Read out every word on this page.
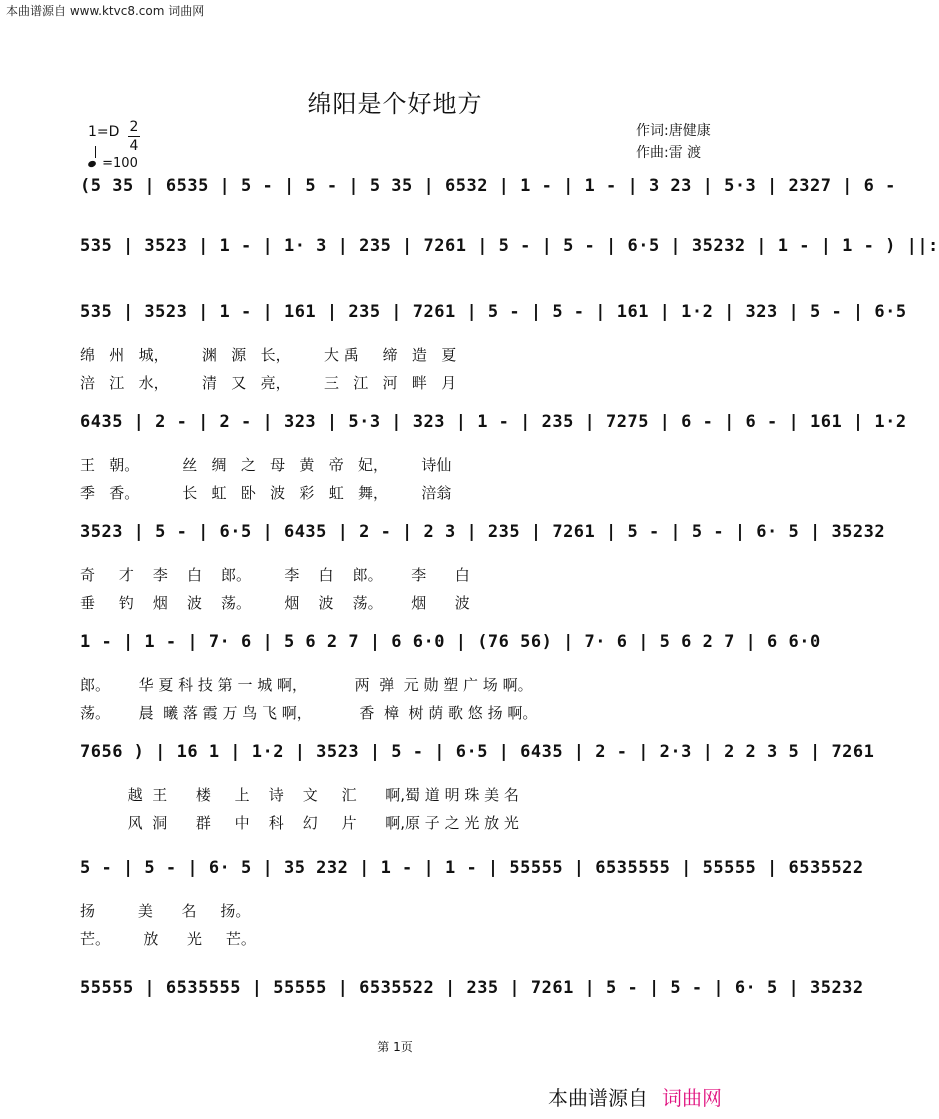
本曲谱源自 www.ktvc8.com 词曲网
绵阳是个好地方
作词:唐健康
作曲:雷 渡
1=D 2
4
=100
(5 35 | 6535 | 5 - | 5 - | 5 35 | 6532 | 1 - | 1 - | 3 23 | 5·3 | 2327 | 6 -
535 | 3523 | 1 - | 1· 3 | 235 | 7261 | 5 - | 5 - | 6·5 | 35232 | 1 - | 1 - ) ||:
535 | 3523 | 1 - | 161 | 235 | 7261 | 5 - | 5 - | 161 | 1·2 | 323 | 5 - | 6·5
绵   州   城，       渊   源   长，       大 禹     缔   造   夏
涪   江   水，       清   又   亮，       三   江   河   畔   月
6435 | 2 - | 2 - | 323 | 5·3 | 323 | 1 - | 235 | 7275 | 6 - | 6 - | 161 | 1·2
王   朝。         丝   绸   之   母   黄   帝   妃，       诗仙
季   香。         长   虹   卧   波   彩   虹   舞，       涪翁
3523 | 5 - | 6·5 | 6435 | 2 - | 2 3 | 235 | 7261 | 5 - | 5 - | 6· 5 | 35232
奇     才    李    白    郎。       李    白    郎。      李      白
垂     钓    烟    波    荡。       烟    波    荡。      烟      波
1 - | 1 - | 7· 6 | 5 6 2 7 | 6 6·0 | (76 56) | 7· 6 | 5 6 2 7 | 6 6·0
郎。      华 夏 科 技 第 一 城 啊，          两  弹  元 勋 塑 广 场 啊。
荡。      晨  曦 落 霞 万 鸟 飞 啊，          香  樟  树 荫 歌 悠 扬 啊。
7656 ) | 16 1 | 1·2 | 3523 | 5 - | 6·5 | 6435 | 2 - | 2·3 | 2 2 3 5 | 7261
越  王      楼     上    诗    文     汇      啊,蜀 道 明 珠 美 名
风  洞      群     中    科    幻     片      啊,原 子 之 光 放 光
5 - | 5 - | 6· 5 | 35 232 | 1 - | 1 - | 55555 | 6535555 | 55555 | 6535522
扬         美      名     扬。
芒。       放      光     芒。
55555 | 6535555 | 55555 | 6535522 | 235 | 7261 | 5 - | 5 - | 6· 5 | 35232
第 1页
本曲谱源自 词曲网
